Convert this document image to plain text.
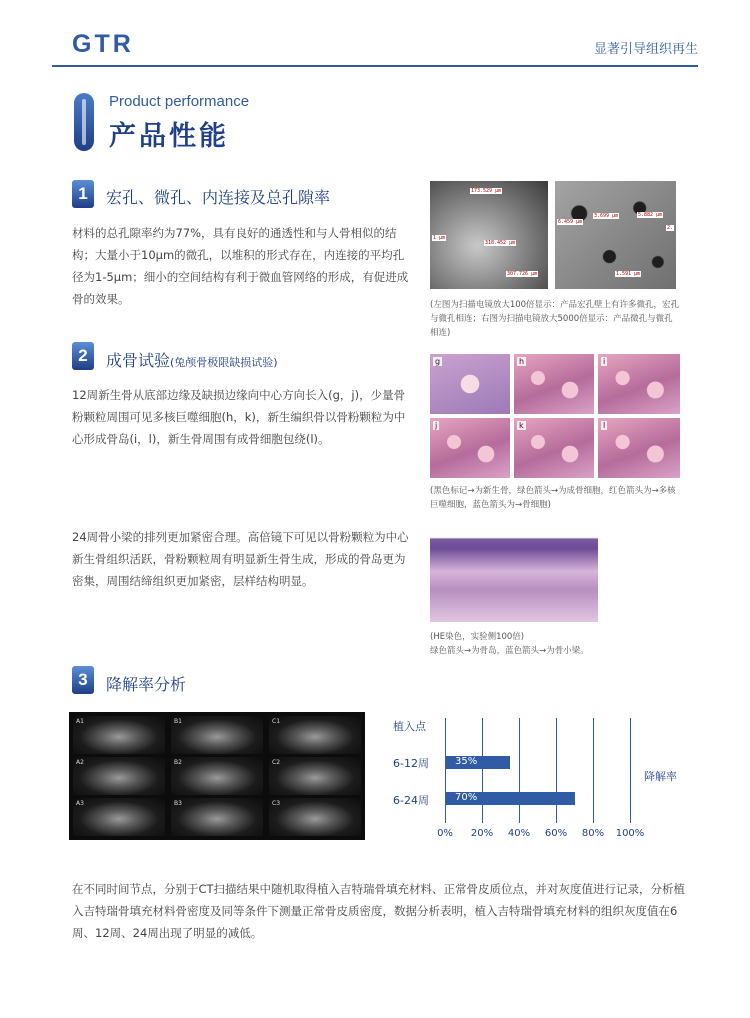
GTR	显著引导组织再生
Product performance
产品性能
1	宏孔、微孔、内连接及总孔隙率
材料的总孔隙率约为77%，具有良好的通透性和与人骨相似的结构；大量小于10μm的微孔，以堆积的形式存在，内连接的平均孔径为1-5μm；细小的空间结构有利于微血管网络的形成，有促进成骨的效果。
173.529 μm
318.452 μm
307.726 μm
1 μm
3.699 μm	5.882 μm
1.591 μm
6.459 μm
2.
(左图为扫描电镜放大100倍显示：产品宏孔壁上有许多微孔，宏孔与微孔相连；右图为扫描电镜放大5000倍显示：产品微孔与微孔相连)
2	成骨试验(兔颅骨极限缺损试验)
12周新生骨从底部边缘及缺损边缘向中心方向长入(g，j)，少量骨粉颗粒周围可见多核巨噬细胞(h，k)，新生编织骨以骨粉颗粒为中心形成骨岛(i，l)，新生骨周围有成骨细胞包绕(l)。
g	h	i
j	k	l
(黑色标记→为新生骨，绿色箭头→为成骨细胞，红色箭头为→多核巨噬细胞，蓝色箭头为→骨细胞)
24周骨小梁的排列更加紧密合理。高倍镜下可见以骨粉颗粒为中心新生骨组织活跃，骨粉颗粒周有明显新生骨生成，形成的骨岛更为密集，周围结缔组织更加紧密，层样结构明显。
(HE染色，实验侧100倍)
绿色箭头→为骨岛，蓝色箭头→为骨小梁。
3	降解率分析
A1	B1	C1
A2	B2	C2
A3	B3	C3
植入点
降解率
6-12周
6-24周
35%
70%
0% 20% 40% 60% 80% 100%
在不同时间节点，分别于CT扫描结果中随机取得植入吉特瑞骨填充材料、正常骨皮质位点，并对灰度值进行记录，分析植入吉特瑞骨填充材料骨密度及同等条件下测量正常骨皮质密度，数据分析表明，植入吉特瑞骨填充材料的组织灰度值在6周、12周、24周出现了明显的减低。
